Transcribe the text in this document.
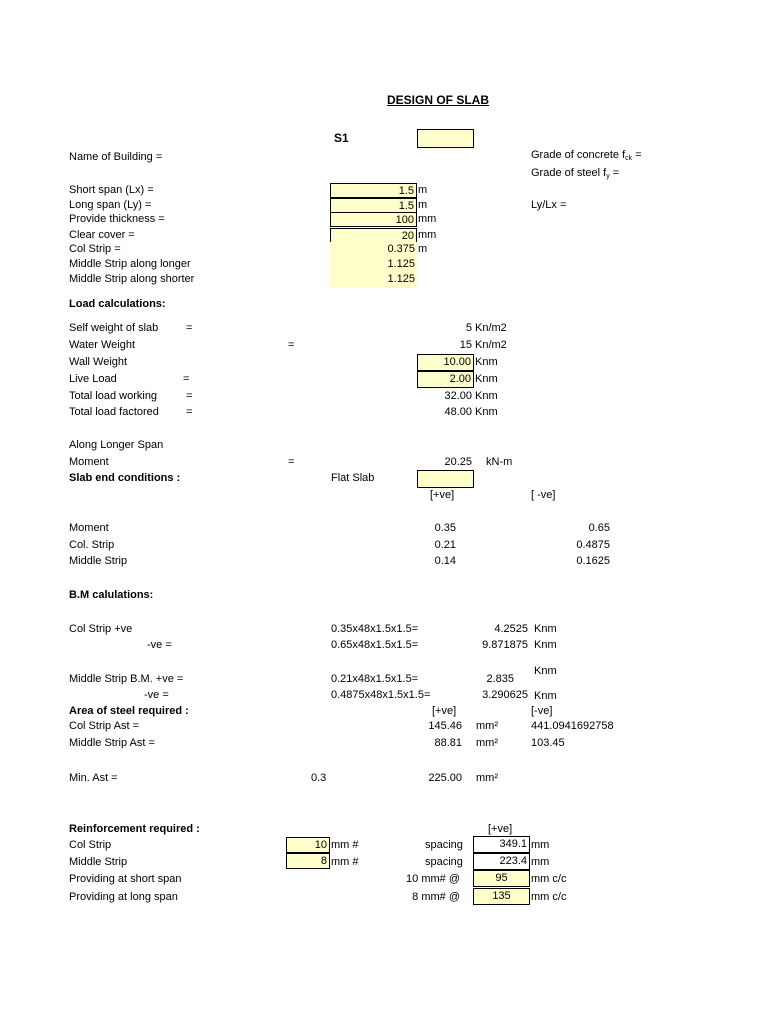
DESIGN OF SLAB
S1
Name of Building =	Grade of concrete $f_{ck}$ =
Grade of steel $f_y$ =
Ly/Lx =
Short span (Lx) =	1.5 m
Long span (Ly) =	1.5 m
Provide thickness =	100 mm
Clear cover =	20 mm
Col Strip =	0.375 m
Middle Strip along longer	1.125
Middle Strip along shorter	1.125
Load calculations:
Self weight of slab	=	5 Kn/m2
Water Weight	=	15 Kn/m2
Wall Weight	10.00 Knm
Live Load	=	2.00 Knm
Total load working	=	32.00 Knm
Total load factored =	48.00 Knm
Along Longer Span
Moment	=	20.25 kN-m
Slab end conditions :	Flat Slab
[+ve]	[ -ve]
Moment	0.35	0.65
Col. Strip	0.21	0.4875
Middle Strip	0.14	0.1625
B.M calulations:
Col Strip +ve	0.35x48x1.5x1.5=	4.2525 Knm
-ve =	0.65x48x1.5x1.5=	9.871875 Knm
Middle Strip B.M. +ve =	0.21x48x1.5x1.5=	2.835
Knm
-ve =	0.4875x48x1.5x1.5=	3.290625 Knm
Area of steel required :	[+ve]	[-ve]
Col Strip Ast =	145.46 mm²	441.0941692758
Middle Strip Ast =	88.81 mm²	103.45
Min. Ast =	0.3	225.00 mm²
Reinforcement required :	[+ve]
Col Strip	10 mm #	spacing	349.1 mm
Middle Strip	8 mm #	spacing	223.4 mm
Providing at short span	10 mm# @	95	mm c/c
Providing at long span	8 mm# @	135	mm c/c
